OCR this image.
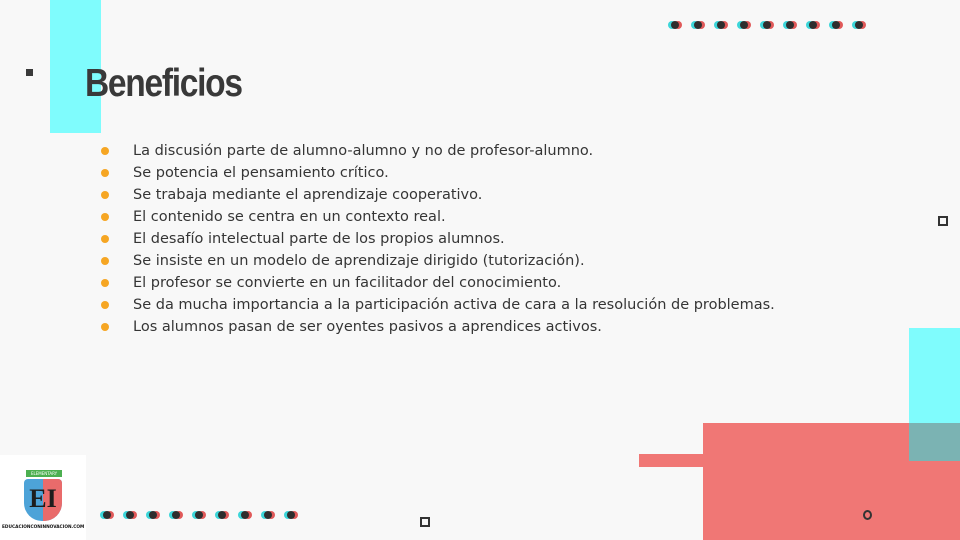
Beneficios
La discusión parte de alumno-alumno y no de profesor-alumno.
Se potencia el pensamiento crítico.
Se trabaja mediante el aprendizaje cooperativo.
El contenido se centra en un contexto real.
El desafío intelectual parte de los propios alumnos.
Se insiste en un modelo de aprendizaje dirigido (tutorización).
El profesor se convierte en un facilitador del conocimiento.
Se da mucha importancia a la participación activa de cara a la resolución de problemas.
Los alumnos pasan de ser oyentes pasivos a aprendices activos.
ELEMENTARY
EI
EDUCACIONCONINNOVACION.COM
